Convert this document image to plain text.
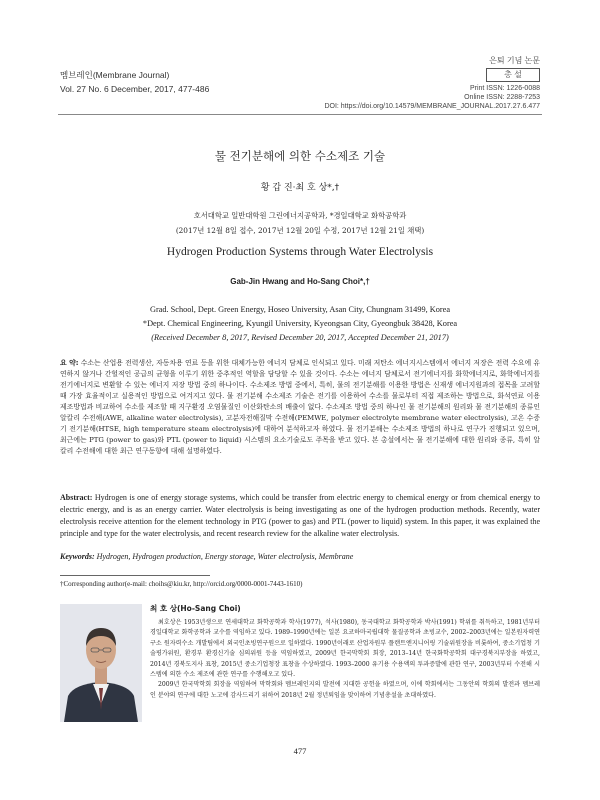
멤브레인(Membrane Journal)
Vol. 27 No. 6 December, 2017, 477-486
은퇴 기념 논문
총 설
Print ISSN: 1226-0088
Online ISSN: 2288-7253
DOI: https://doi.org/10.14579/MEMBRANE_JOURNAL.2017.27.6.477
물 전기분해에 의한 수소제조 기술
황 갑 진·최 호 상*,†
호서대학교 일반대학원 그린에너지공학과, *경일대학교 화학공학과
(2017년 12월 8일 접수, 2017년 12월 20일 수정, 2017년 12월 21일 채택)
Hydrogen Production Systems through Water Electrolysis
Gab-Jin Hwang and Ho-Sang Choi*,†
Grad. School, Dept. Green Energy, Hoseo University, Asan City, Chungnam 31499, Korea
*Dept. Chemical Engineering, Kyungil University, Kyeongsan City, Gyeongbuk 38428, Korea
(Received December 8, 2017, Revised December 20, 2017, Accepted December 21, 2017)
요 약: 수소는 산업용 전력생산, 자동차용 연료 등을 위한 대체가능한 에너지 담체로 인식되고 있다. 미래 저탄소 에너지시스템에서 에너지 저장은 전력 수요에 유연하지 않거나 간헐적인 공급의 균형을 이루기 위한 중추적인 역할을 담당할 수 있을 것이다. 수소는 에너지 담체로서 전기에너지를 화학에너지로, 화학에너지를 전기에너지로 변환할 수 있는 에너지 저장 방법 중의 하나이다. 수소제조 방법 중에서, 특히, 물의 전기분해를 이용한 방법은 신재생 에너지원과의 접목을 고려할 때 가장 효율적이고 실용적인 방법으로 여겨지고 있다. 물 전기분해 수소제조 기술은 전기를 이용하여 수소를 물로부터 직접 제조하는 방법으로, 화석연료 이용 제조방법과 비교하여 수소를 제조할 때 지구환경 오염물질인 이산화탄소의 배출이 없다. 수소제조 방법 중의 하나인 물 전기분해의 원리와 물 전기분해의 종류인 알칼리 수전해(AWE, alkaline water electrolysis), 고분자전해질막 수전해(PEMWE, polymer electrolyte membrane water electrolysis), 고온 수증기 전기분해(HTSE, high temperature steam electrolysis)에 대하여 분석하고자 하였다. 물 전기분해는 수소제조 방법의 하나로 연구가 진행되고 있으며, 최근에는 PTG (power to gas)와 PTL (power to liquid) 시스템의 요소기술로도 주목을 받고 있다. 본 총설에서는 물 전기분해에 대한 원리와 종류, 특히 알칼리 수전해에 대한 최근 연구동향에 대해 설명하였다.
Abstract: Hydrogen is one of energy storage systems, which could be transfer from electric energy to chemical energy or from chemical energy to electric energy, and is as an energy carrier. Water electrolysis is being investigating as one of the hydrogen production methods. Recently, water electrolysis receive attention for the element technology in PTG (power to gas) and PTL (power to liquid) system. In this paper, it was explained the principle and type for the water electrolysis, and recent research review for the alkaline water electrolysis.
Keywords: Hydrogen, Hydrogen production, Energy storage, Water electrolysis, Membrane
†Corresponding author(e-mail: choihs@kiu.kr, http://orcid.org/0000-0001-7443-1610)
최 호 상(Ho-Sang Choi)

최호상은 1953년생으로 연세대학교 화학공학과 학사(1977), 석사(1980), 동국대학교 화학공학과 박사(1991) 학위를 취득하고, 1981년부터 경일대학교 화학공학과 교수를 역임하고 있다. 1989–1990년에는 일본 요코하마국립대학 물질공학과 초빙교수, 2002–2003년에는 일본원자력연구소 원자력수소 개발팀에서 외국인초빙연구원으로 일하였다. 1990년이래로 산업자원부 플랜트엔지니어링 기술위원장을 비롯하여, 중소기업청 기술평가위원, 환경부 환경신기술 심의위원 등을 역임하였고, 2009년 한국막학회 회장, 2013–14년 한국화학공학회 대구경북지부장을 하였고, 2014년 경북도지사 표창, 2015년 중소기업청장 표창을 수상하였다. 1993–2000 유기용 수용액의 투과증발에 관한 연구, 2003년부터 수전해 시스템에 의한 수소 제조에 관한 연구를 수행해오고 있다.

2009년 한국막학회 회장을 역임하여 막학회와 멤브레인지의 발전에 지대한 공헌을 하였으며, 이에 학회에서는 그동안의 학회의 발전과 멤브레인 분야의 연구에 대한 노고에 감사드리기 위하여 2018년 2월 정년퇴임을 맞이하여 기념총설을 초대하였다.

477
